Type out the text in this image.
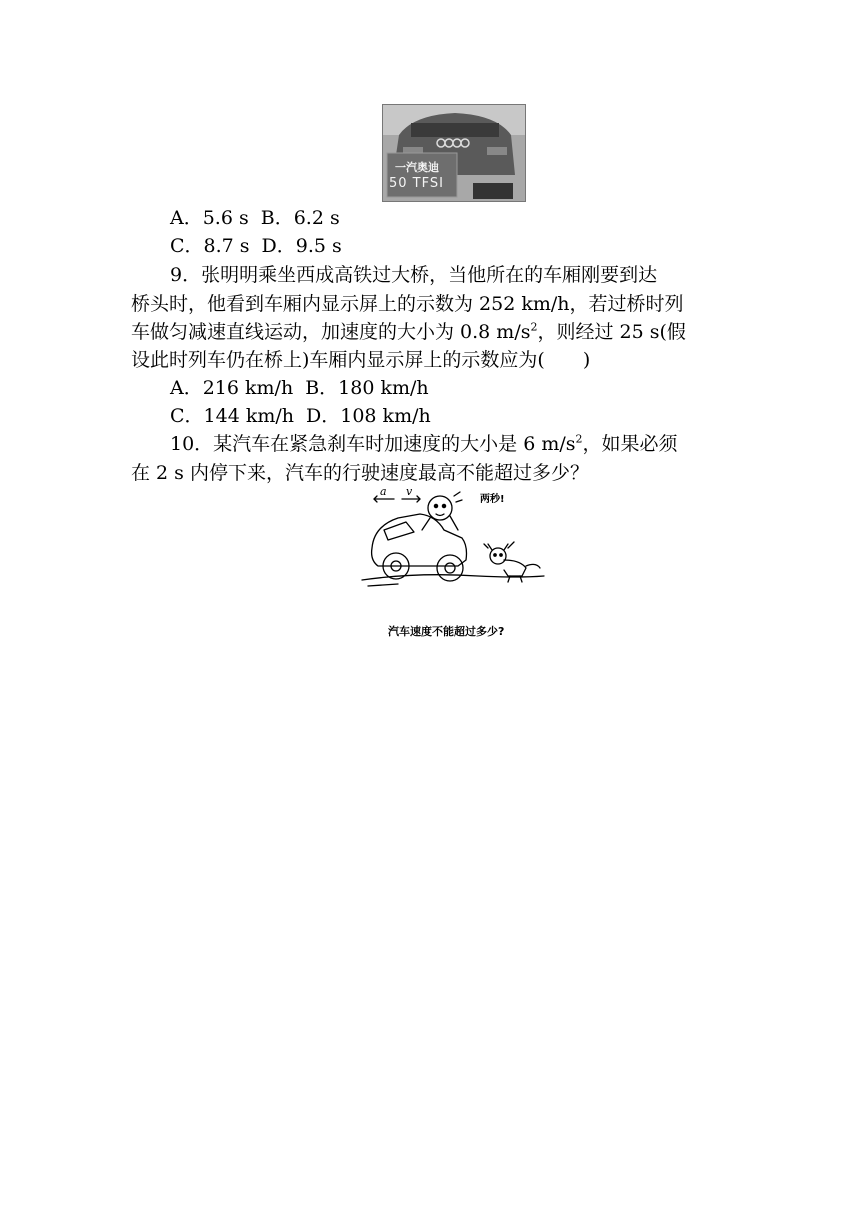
一汽奥迪
50 TFSI
A．5.6 s B．6.2 s
C．8.7 s D．9.5 s
9．张明明乘坐西成高铁过大桥，当他所在的车厢刚要到达
桥头时，他看到车厢内显示屏上的示数为 252 km/h，若过桥时列
车做匀减速直线运动，加速度的大小为 0.8 $m/s^2$，则经过 25 s(假
设此时列车仍在桥上)车厢内显示屏上的示数应为(　　)
A．216 km/h B．180 km/h
C．144 km/h D．108 km/h
10．某汽车在紧急刹车时加速度的大小是 6 $m/s^2$，如果必须
在 2 s 内停下来，汽车的行驶速度最高不能超过多少？
a v
两秒!
汽车速度不能超过多少?
